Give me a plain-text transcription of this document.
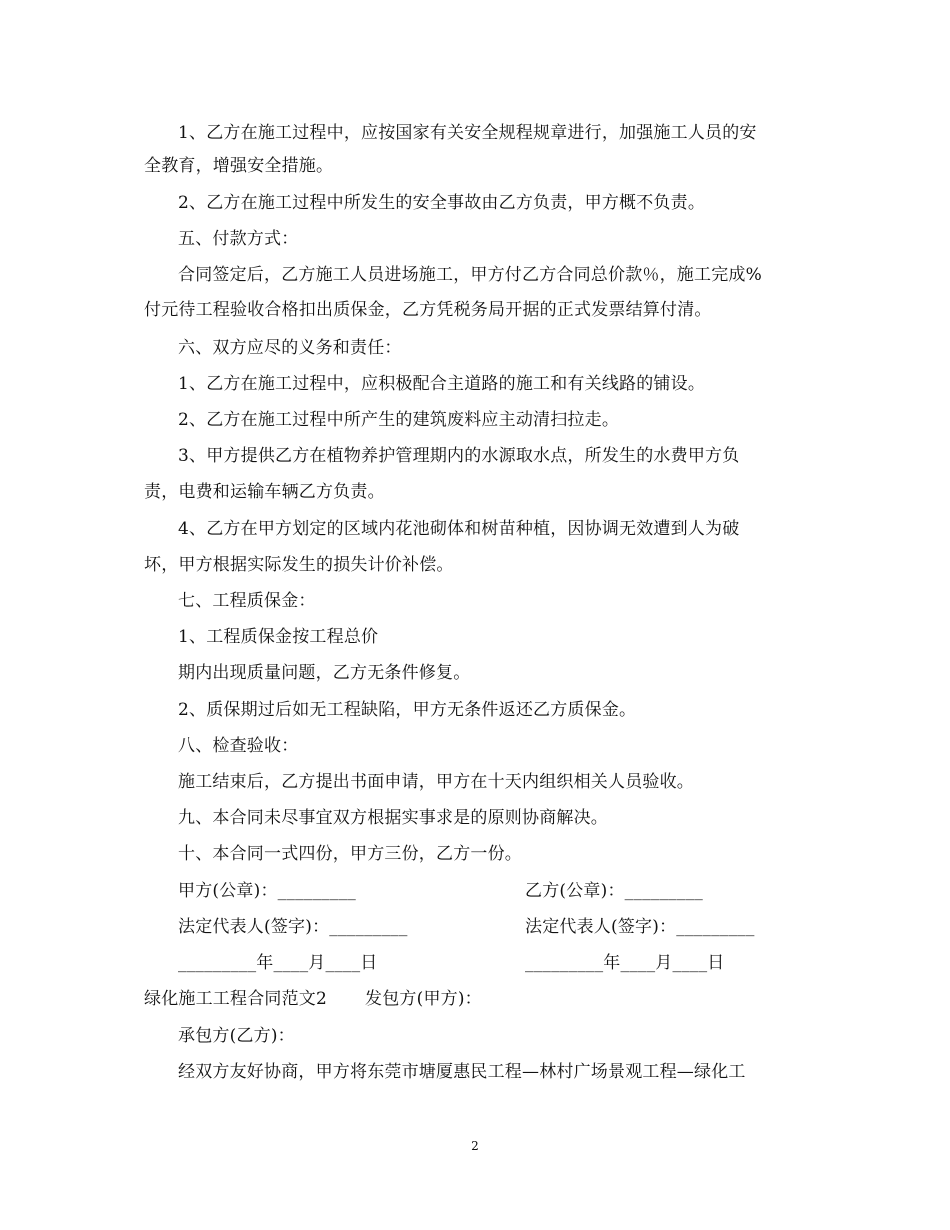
1、乙方在施工过程中，应按国家有关安全规程规章进行，加强施工人员的安
全教育，增强安全措施。
2、乙方在施工过程中所发生的安全事故由乙方负责，甲方概不负责。
五、付款方式：
合同签定后，乙方施工人员进场施工，甲方付乙方合同总价款％，施工完成%
付元待工程验收合格扣出质保金，乙方凭税务局开据的正式发票结算付清。
六、双方应尽的义务和责任：
1、乙方在施工过程中，应积极配合主道路的施工和有关线路的铺设。
2、乙方在施工过程中所产生的建筑废料应主动清扫拉走。
3、甲方提供乙方在植物养护管理期内的水源取水点，所发生的水费甲方负
责，电费和运输车辆乙方负责。
4、乙方在甲方划定的区域内花池砌体和树苗种植，因协调无效遭到人为破
坏，甲方根据实际发生的损失计价补偿。
七、工程质保金：
1、工程质保金按工程总价
期内出现质量问题，乙方无条件修复。
2、质保期过后如无工程缺陷，甲方无条件返还乙方质保金。
八、检查验收：
施工结束后，乙方提出书面申请，甲方在十天内组织相关人员验收。
九、本合同未尽事宜双方根据实事求是的原则协商解决。
十、本合同一式四份，甲方三份，乙方一份。
甲方(公章)：_________	乙方(公章)：_________
法定代表人(签字)：_________	法定代表人(签字)：_________
_________年____月____日	_________年____月____日
绿化施工工程合同范文2 发包方(甲方)：
承包方(乙方)：
经双方友好协商，甲方将东莞市塘厦惠民工程—林村广场景观工程—绿化工
2
